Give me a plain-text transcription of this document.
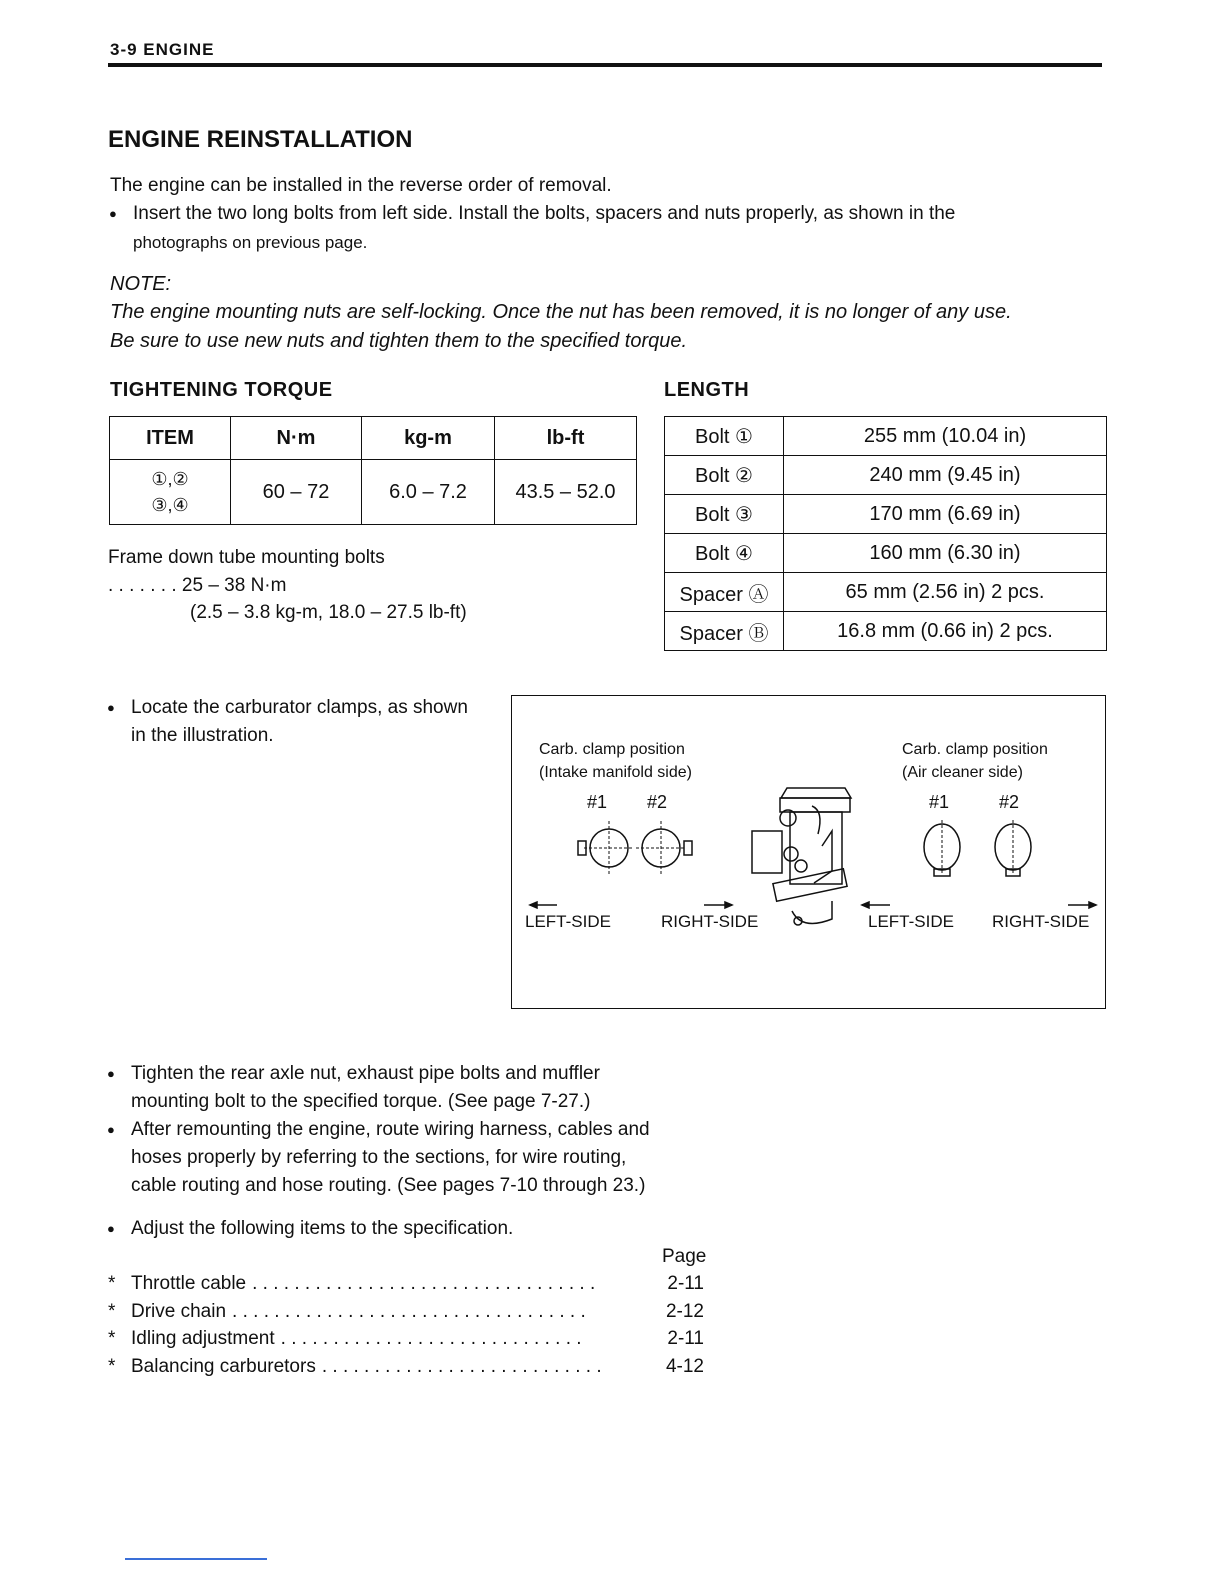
3-9 ENGINE
ENGINE REINSTALLATION
The engine can be installed in the reverse order of removal.
● Insert the two long bolts from left side. Install the bolts, spacers and nuts properly, as shown in the
photographs on previous page.
NOTE:
The engine mounting nuts are self-locking. Once the nut has been removed, it is no longer of any use.
Be sure to use new nuts and tighten them to the specified torque.
TIGHTENING TORQUE
ITEM	N·m	kg-m	lb-ft

①,②
③,④	60 – 72	6.0 – 7.2	43.5 – 52.0
Frame down tube mounting bolts
. . . . . . . 25 – 38 N·m
(2.5 – 3.8 kg-m, 18.0 – 27.5 lb-ft)
LENGTH
Bolt ①	255 mm (10.04 in)
Bolt ②	240 mm (9.45 in)
Bolt ③	170 mm (6.69 in)
Bolt ④	160 mm (6.30 in)
Spacer Ⓐ	65 mm (2.56 in) 2 pcs.
Spacer Ⓑ	16.8 mm (0.66 in) 2 pcs.
● Locate the carburator clamps, as shown
in the illustration.
Carb. clamp position
(Intake manifold side)
#1 #2
Carb. clamp position
(Air cleaner side)
#1	#2
LEFT-SIDE	RIGHT-SIDE	LEFT-SIDE RIGHT-SIDE
● Tighten the rear axle nut, exhaust pipe bolts and muffler
mounting bolt to the specified torque. (See page 7-27.)
● After remounting the engine, route wiring harness, cables and
hoses properly by referring to the sections, for wire routing,
cable routing and hose routing. (See pages 7-10 through 23.)
● Adjust the following items to the specification.
Page
* Throttle cable . . . . . . . . . . . . . . . . . . . . . . . . . . . . . . . . .	2-11
* Drive chain . . . . . . . . . . . . . . . . . . . . . . . . . . . . . . . . . .	2-12
* Idling adjustment . . . . . . . . . . . . . . . . . . . . . . . . . . . . .	2-11
* Balancing carburetors . . . . . . . . . . . . . . . . . . . . . . . . . . .	4-12
